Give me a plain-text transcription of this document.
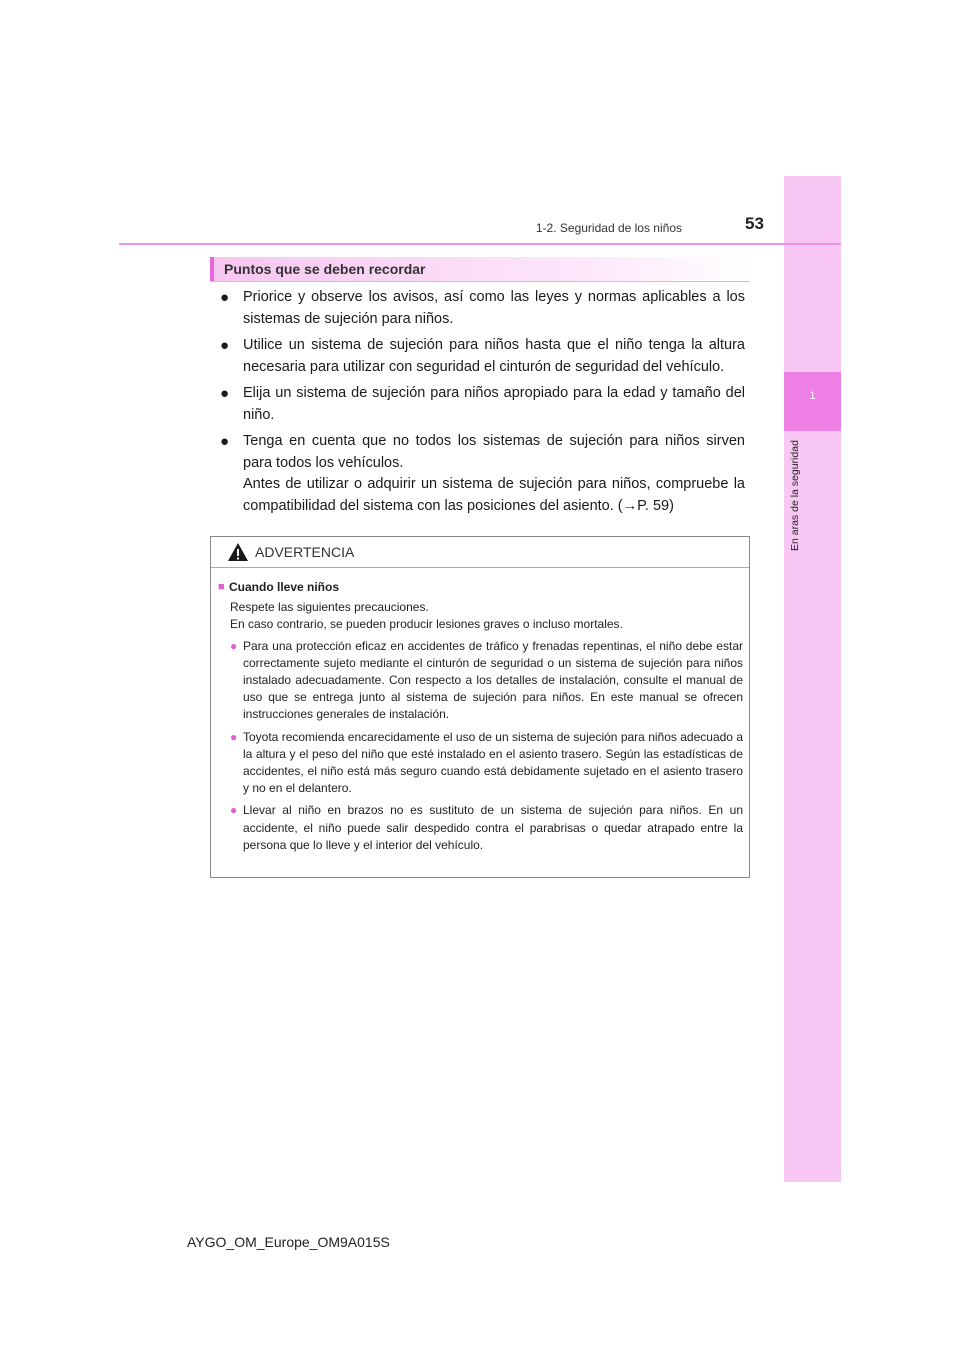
1
En aras de la seguridad
1-2. Seguridad de los niños	53
Puntos que se deben recordar
● Priorice y observe los avisos, así como las leyes y normas aplicables a los sistemas de sujeción para niños.
● Utilice un sistema de sujeción para niños hasta que el niño tenga la altura necesaria para utilizar con seguridad el cinturón de seguridad del vehículo.
● Elija un sistema de sujeción para niños apropiado para la edad y tamaño del niño.
● Tenga en cuenta que no todos los sistemas de sujeción para niños sirven para todos los vehículos.
Antes de utilizar o adquirir un sistema de sujeción para niños, compruebe la compatibilidad del sistema con las posiciones del asiento. (→P. 59)
ADVERTENCIA
■ Cuando lleve niños
Respete las siguientes precauciones.
En caso contrario, se pueden producir lesiones graves o incluso mortales.
● Para una protección eficaz en accidentes de tráfico y frenadas repentinas, el niño debe estar correctamente sujeto mediante el cinturón de seguridad o un sistema de sujeción para niños instalado adecuadamente. Con respecto a los detalles de instalación, consulte el manual de uso que se entrega junto al sistema de sujeción para niños. En este manual se ofrecen instrucciones generales de instalación.
● Toyota recomienda encarecidamente el uso de un sistema de sujeción para niños adecuado a la altura y el peso del niño que esté instalado en el asiento trasero. Según las estadísticas de accidentes, el niño está más seguro cuando está debidamente sujetado en el asiento trasero y no en el delantero.
● Llevar al niño en brazos no es sustituto de un sistema de sujeción para niños. En un accidente, el niño puede salir despedido contra el parabrisas o quedar atrapado entre la persona que lo lleve y el interior del vehículo.
AYGO_OM_Europe_OM9A015S
